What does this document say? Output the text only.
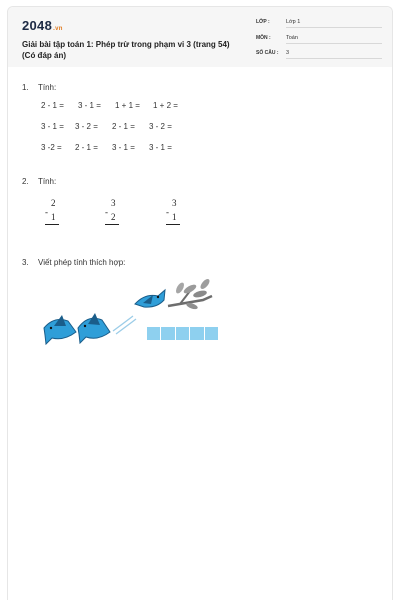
2048.vn
Giải bài tập toán 1: Phép trừ trong phạm vi 3 (trang 54) (Có đáp án)
LỚP :	Lớp 1
MÔN :	Toán
SỐ CÂU : 3
1. Tính:
2 - 1 = 3 - 1 = 1 + 1 = 1 + 2 =
3 - 1 = 3 - 2 = 2 - 1 = 3 - 2 =
3 -2 = 2 - 1 = 3 - 1 = 3 - 1 =
2. Tính:
2
- 1
3
- 2
3
- 1
3. Viết phép tính thích hợp:
